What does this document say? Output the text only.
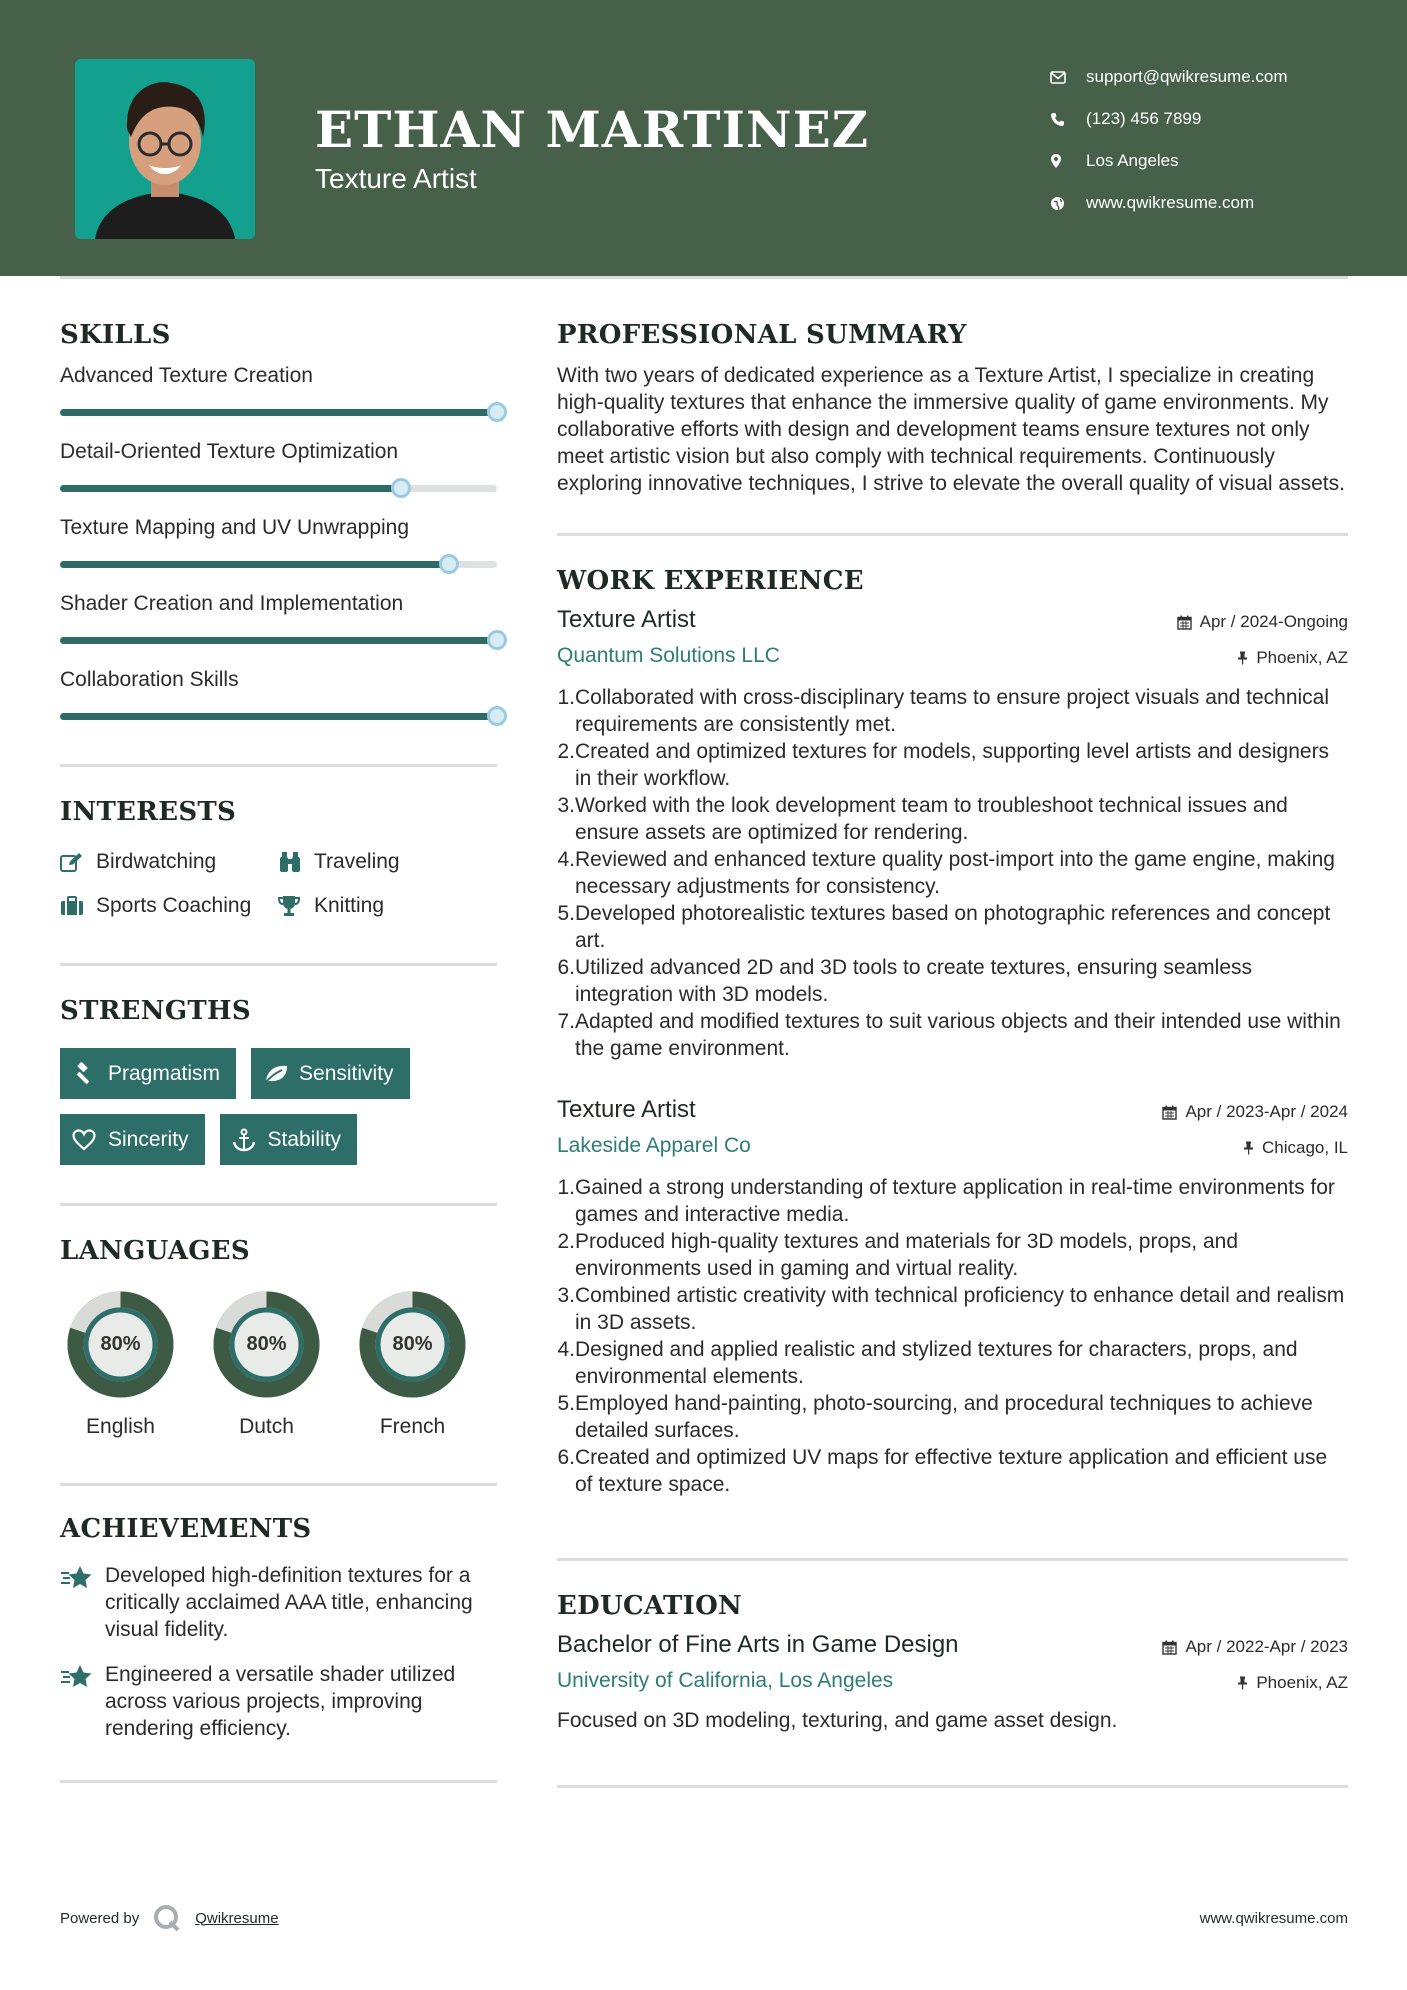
ETHAN MARTINEZ
Texture Artist
support@qwikresume.com
(123) 456 7899
Los Angeles
www.qwikresume.com
SKILLS
Advanced Texture Creation
Detail-Oriented Texture Optimization
Texture Mapping and UV Unwrapping
Shader Creation and Implementation
Collaboration Skills
INTERESTS
Birdwatching	Traveling
Sports Coaching	Knitting
STRENGTHS
Pragmatism	Sensitivity
Sincerity	Stability
LANGUAGES
80%
English
80%
Dutch
80%
French
ACHIEVEMENTS
Developed high-definition textures for a critically acclaimed AAA title, enhancing visual fidelity.
Engineered a versatile shader utilized across various projects, improving rendering efficiency.
PROFESSIONAL SUMMARY
With two years of dedicated experience as a Texture Artist, I specialize in creating high-quality textures that enhance the immersive quality of game environments. My collaborative efforts with design and development teams ensure textures not only meet artistic vision but also comply with technical requirements. Continuously exploring innovative techniques, I strive to elevate the overall quality of visual assets.
WORK EXPERIENCE
Texture Artist	Apr / 2024-Ongoing
Quantum Solutions LLC	Phoenix, AZ
1. Collaborated with cross-disciplinary teams to ensure project visuals and technical requirements are consistently met.
2. Created and optimized textures for models, supporting level artists and designers in their workflow.
3. Worked with the look development team to troubleshoot technical issues and ensure assets are optimized for rendering.
4. Reviewed and enhanced texture quality post-import into the game engine, making necessary adjustments for consistency.
5. Developed photorealistic textures based on photographic references and concept art.
6. Utilized advanced 2D and 3D tools to create textures, ensuring seamless integration with 3D models.
7. Adapted and modified textures to suit various objects and their intended use within the game environment.
Texture Artist	Apr / 2023-Apr / 2024
Lakeside Apparel Co	Chicago, IL
1. Gained a strong understanding of texture application in real-time environments for games and interactive media.
2. Produced high-quality textures and materials for 3D models, props, and environments used in gaming and virtual reality.
3. Combined artistic creativity with technical proficiency to enhance detail and realism in 3D assets.
4. Designed and applied realistic and stylized textures for characters, props, and environmental elements.
5. Employed hand-painting, photo-sourcing, and procedural techniques to achieve detailed surfaces.
6. Created and optimized UV maps for effective texture application and efficient use of texture space.
EDUCATION
Bachelor of Fine Arts in Game Design	Apr / 2022-Apr / 2023
University of California, Los Angeles	Phoenix, AZ
Focused on 3D modeling, texturing, and game asset design.
Powered by	Qwikresume	www.qwikresume.com
